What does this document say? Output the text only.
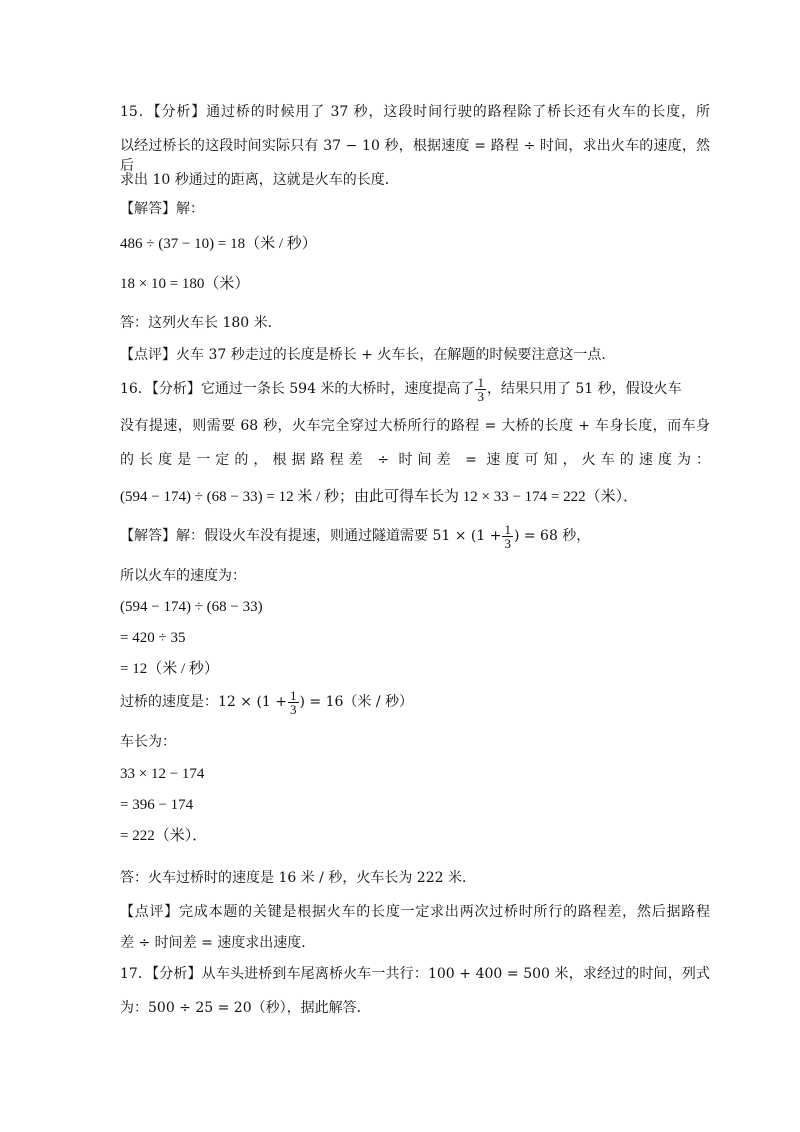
15．【分析】通过桥的时候用了 37 秒，这段时间行驶的路程除了桥长还有火车的长度，所
以经过桥长的这段时间实际只有 37 − 10 秒，根据速度 = 路程 ÷ 时间，求出火车的速度，然后
求出 10 秒通过的距离，这就是火车的长度．
【解答】解：
486 ÷ (37 − 10) = 18（米 / 秒）
18 × 10 = 180（米）
答：这列火车长 180 米．
【点评】火车 37 秒走过的长度是桥长 + 火车长，在解题的时候要注意这一点．
16．【分析】它通过一条长 594 米的大桥时，速度提高了 $\frac{1}{3}$ ，结果只用了 51 秒，假设火车
没有提速，则需要 68 秒，火车完全穿过大桥所行的路程 = 大桥的长度 + 车身长度，而车身
的长度是一定的，根据路程差 ÷ 时间差 = 速度可知，火车的速度为：
(594 − 174) ÷ (68 − 33) = 12 米 / 秒；由此可得车长为 12 × 33 − 174 = 222（米）．
【解答】解：假设火车没有提速，则通过隧道需要 $51 \times (1 + \frac{1}{3}$ ) = 68 秒，
所以火车的速度为：
(594 − 174) ÷ (68 − 33)
= 420 ÷ 35
= 12（米 / 秒）
过桥的速度是：$12 \times (1 + \frac{1}{3}$ ) = 16（米 / 秒）
车长为：
33 × 12 − 174
= 396 − 174
= 222（米）．
答：火车过桥时的速度是 16 米 / 秒，火车长为 222 米．
【点评】完成本题的关键是根据火车的长度一定求出两次过桥时所行的路程差，然后据路程
差 ÷ 时间差 = 速度求出速度．
17．【分析】从车头进桥到车尾离桥火车一共行：100 + 400 = 500 米，求经过的时间，列式
为：500 ÷ 25 = 20（秒），据此解答．
